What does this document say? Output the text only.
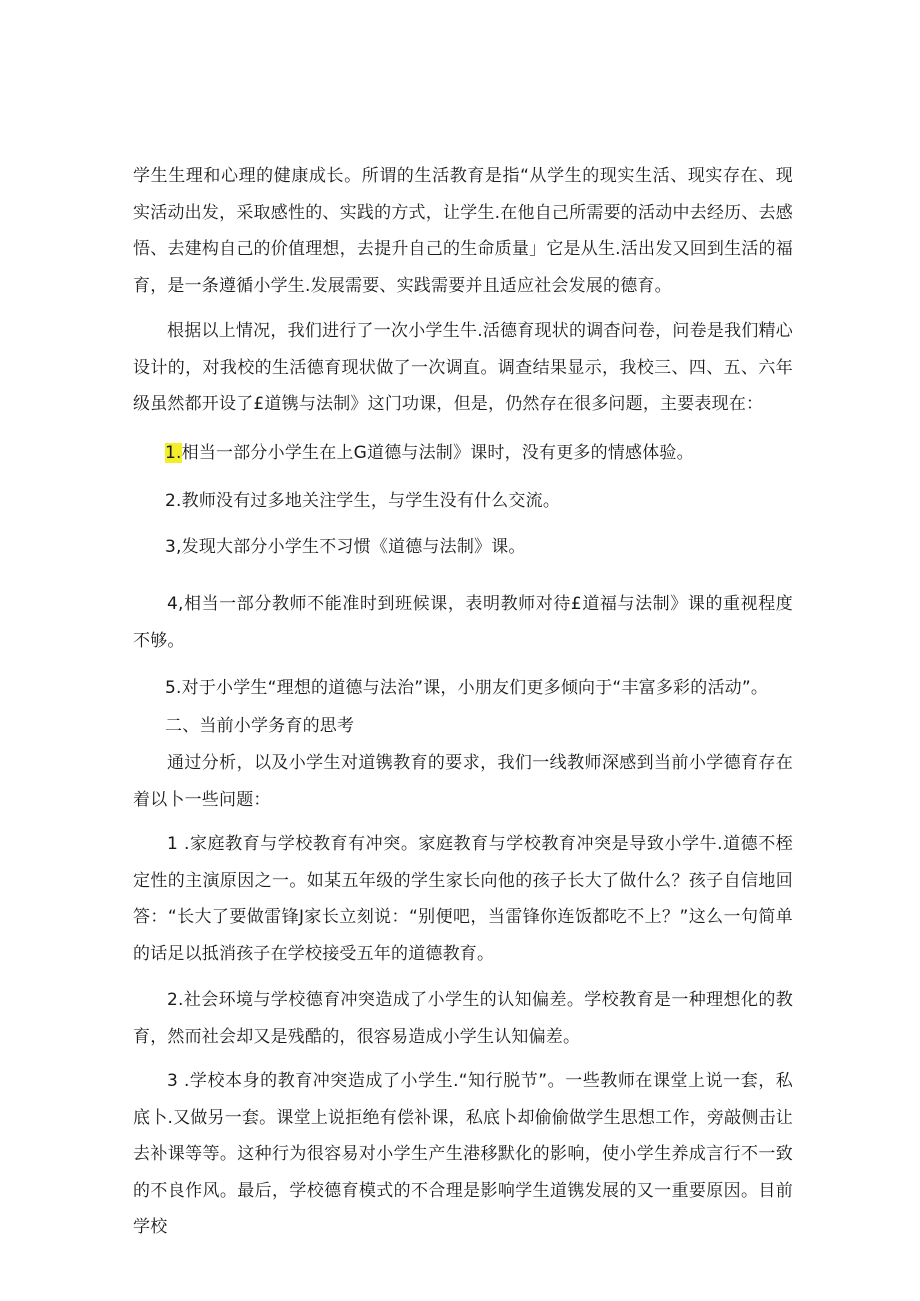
学生生理和心理的健康成长。所谓的生活教育是指“从学生的现实生活、现实存在、现实活动出发，采取感性的、实践的方式，让学生.在他自己所需要的活动中去经历、去感悟、去建构自己的价值理想，去提升自己的生命质量」它是从生.活出发又回到生活的福育，是一条遵循小学生.发展需要、实践需要并且适应社会发展的德育。

根据以上情况，我们进行了一次小学生牛.活德育现状的调杳问卷，问卷是我们精心设计的，对我校的生活德育现状做了一次调直。调查结果显示，我校三、四、五、六年级虽然都开设了£道镌与法制》这门功课，但是，仍然存在很多问题，主要表现在：

1.相当一部分小学生在上G道德与法制》课时，没有更多的情感体验。

2.教师没有过多地关注学生，与学生没有什么交流。

3,发现大部分小学生不习惯《道德与法制》课。

4,相当一部分教师不能准时到班候课，表明教师对待£道福与法制》课的重视程度不够。

5.对于小学生“理想的道德与法治”课，小朋友们更多倾向于“丰富多彩的活动”。

二、当前小学务育的思考

通过分析，以及小学生对道镌教育的要求，我们一线教师深感到当前小学德育存在着以卜一些问题：

1 .家庭教育与学校教育有冲突。家庭教育与学校教育冲突是导致小学牛.道德不桎定性的主演原因之一。如某五年级的学生家长向他的孩子长大了做什么？孩子自信地回答：“长大了要做雷锋J家长立刻说：“别便吧，当雷锋你连饭都吃不上？”这么一句简单的话足以抵消孩子在学校接受五年的道德教育。

2.社会环境与学校德育冲突造成了小学生的认知偏差。学校教育是一种理想化的教育，然而社会却又是残酷的，很容易造成小学生认知偏差。

3 .学校本身的教育冲突造成了小学生.“知行脱节”。一些教师在课堂上说一套，私底卜.又做另一套。课堂上说拒绝有偿补课，私底卜却偷偷做学生思想工作，旁敲侧击让去补课等等。这种行为很容易对小学生产生港移默化的影响，使小学生养成言行不一致的不良作风。最后，学校德育模式的不合理是影响学生道镌发展的又一重要原因。目前学校
